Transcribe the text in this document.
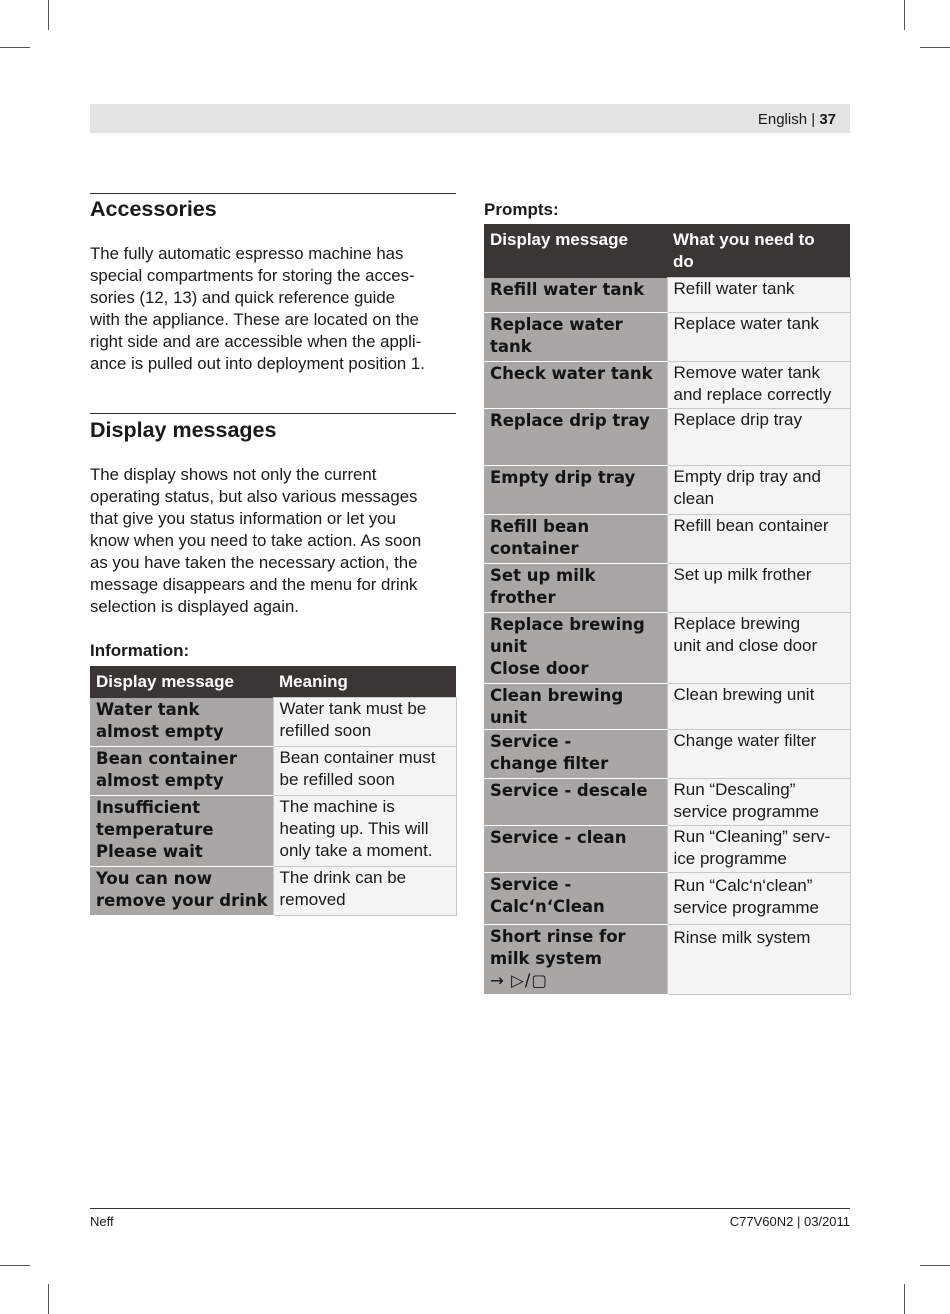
English | 37
Accessories
The fully automatic espresso machine has
special compartments for storing the acces-
sories (12, 13) and quick reference guide
with the appliance. These are located on the
right side and are accessible when the appli-
ance is pulled out into deployment position 1.
Display messages
The display shows not only the current
operating status, but also various messages
that give you status information or let you
know when you need to take action. As soon
as you have taken the necessary action, the
message disappears and the menu for drink
selection is displayed again.
Information:
Display message	Meaning
Water tank
almost empty	Water tank must be
refilled soon
Bean container
almost empty	Bean container must
be refilled soon
Insufficient
temperature
Please wait	The machine is
heating up. This will
only take a moment.
You can now
remove your drink	The drink can be
removed
Prompts:
Display message	What you need to
do
Refill water tank	Refill water tank
Replace water
tank	Replace water tank
Check water tank	Remove water tank
and replace correctly
Replace drip tray	Replace drip tray
Empty drip tray	Empty drip tray and
clean
Refill bean
container	Refill bean container
Set up milk
frother	Set up milk frother
Replace brewing
unit
Close door	Replace brewing
unit and close door
Clean brewing unit	Clean brewing unit
Service -
change filter	Change water filter
Service - descale	Run “Descaling”
service programme
Service - clean	Run “Cleaning” serv-
ice programme
Service -
Calc‘n‘Clean	Run “Calc‘n‘clean”
service programme

Short rinse for
milk system
→ ▷/▢	Rinse milk system
Neff	C77V60N2 | 03/2011
